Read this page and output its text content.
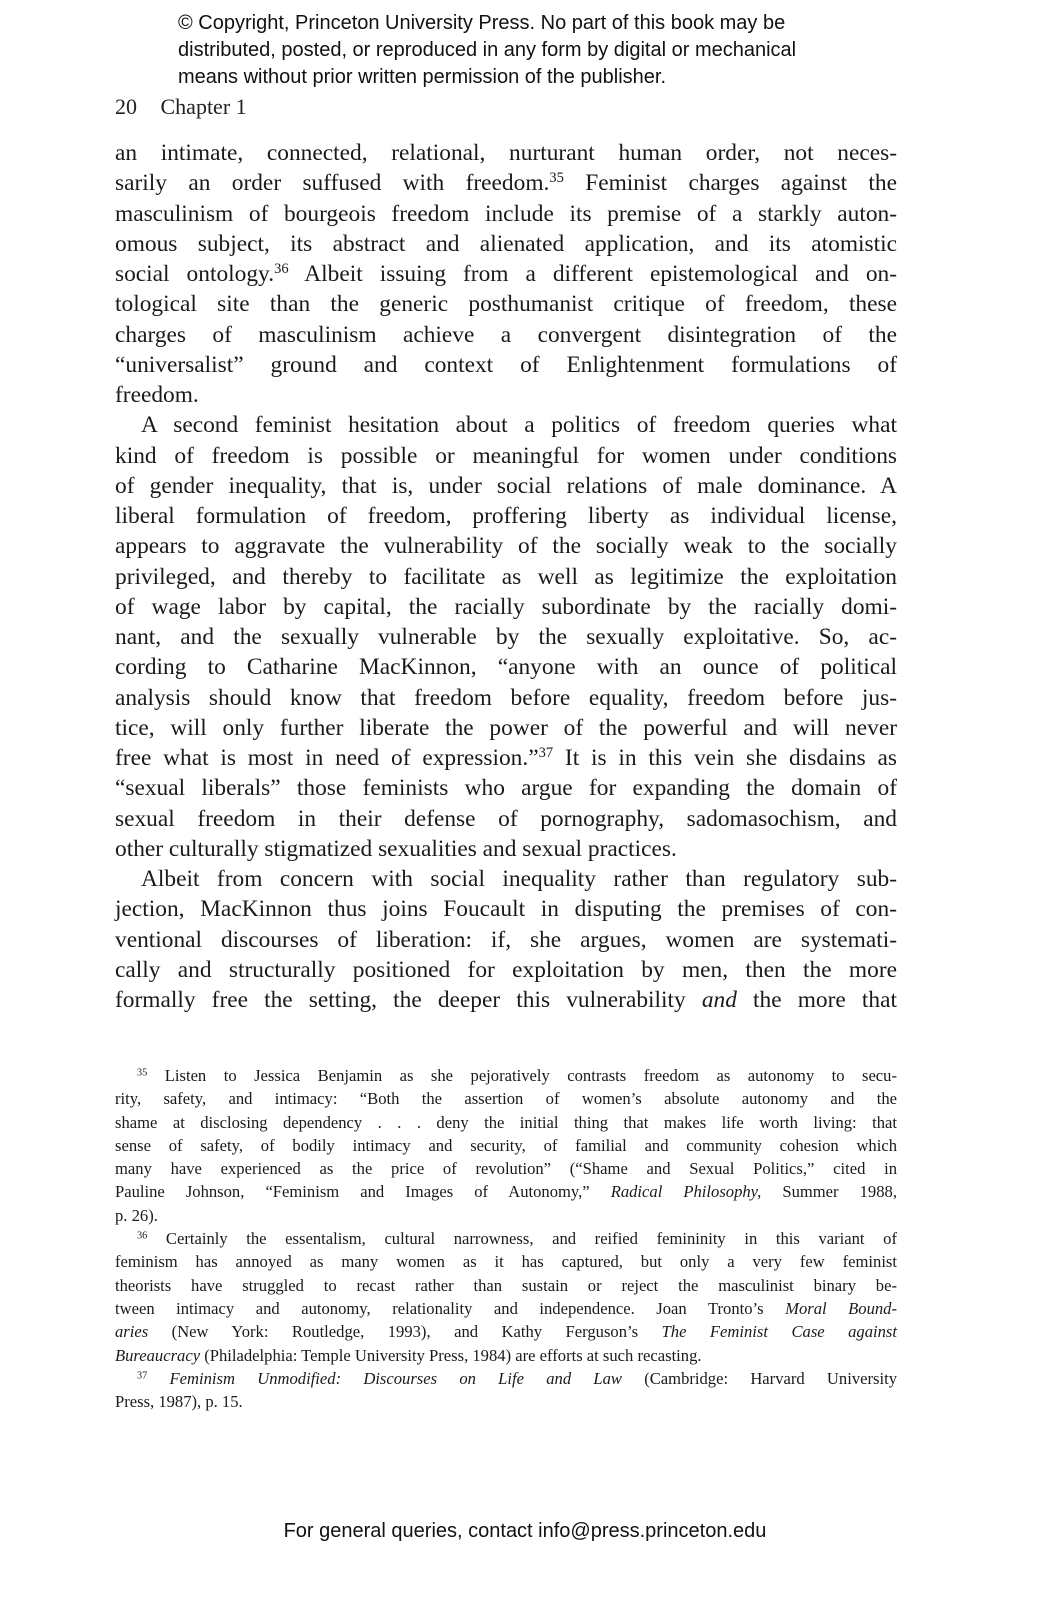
© Copyright, Princeton University Press. No part of this book may be
distributed, posted, or reproduced in any form by digital or mechanical
means without prior written permission of the publisher.
20 Chapter 1
an intimate, connected, relational, nurturant human order, not neces-
sarily an order suffused with freedom.$^{35}$ Feminist charges against the
masculinism of bourgeois freedom include its premise of a starkly auton-
omous subject, its abstract and alienated application, and its atomistic
social ontology.$^{36}$ Albeit issuing from a different epistemological and on-
tological site than the generic posthumanist critique of freedom, these
charges of masculinism achieve a convergent disintegration of the
“universalist” ground and context of Enlightenment formulations of
freedom.
A second feminist hesitation about a politics of freedom queries what
kind of freedom is possible or meaningful for women under conditions
of gender inequality, that is, under social relations of male dominance. A
liberal formulation of freedom, proffering liberty as individual license,
appears to aggravate the vulnerability of the socially weak to the socially
privileged, and thereby to facilitate as well as legitimize the exploitation
of wage labor by capital, the racially subordinate by the racially domi-
nant, and the sexually vulnerable by the sexually exploitative. So, ac-
cording to Catharine MacKinnon, “anyone with an ounce of political
analysis should know that freedom before equality, freedom before jus-
tice, will only further liberate the power of the powerful and will never
free what is most in need of expression.”$^{37}$ It is in this vein she disdains as
“sexual liberals” those feminists who argue for expanding the domain of
sexual freedom in their defense of pornography, sadomasochism, and
other culturally stigmatized sexualities and sexual practices.
Albeit from concern with social inequality rather than regulatory sub-
jection, MacKinnon thus joins Foucault in disputing the premises of con-
ventional discourses of liberation: if, she argues, women are systemati-
cally and structurally positioned for exploitation by men, then the more
formally free the setting, the deeper this vulnerability and the more that
$^{35}$ Listen to Jessica Benjamin as she pejoratively contrasts freedom as autonomy to secu-
rity, safety, and intimacy: “Both the assertion of women’s absolute autonomy and the
shame at disclosing dependency . . . deny the initial thing that makes life worth living: that
sense of safety, of bodily intimacy and security, of familial and community cohesion which
many have experienced as the price of revolution” (“Shame and Sexual Politics,” cited in
Pauline Johnson, “Feminism and Images of Autonomy,” Radical Philosophy, Summer 1988,
p. 26).
$^{36}$ Certainly the essentalism, cultural narrowness, and reified femininity in this variant of
feminism has annoyed as many women as it has captured, but only a very few feminist
theorists have struggled to recast rather than sustain or reject the masculinist binary be-
tween intimacy and autonomy, relationality and independence. Joan Tronto’s Moral Bound-
aries (New York: Routledge, 1993), and Kathy Ferguson’s The Feminist Case against
Bureaucracy (Philadelphia: Temple University Press, 1984) are efforts at such recasting.
$^{37}$ Feminism Unmodified: Discourses on Life and Law (Cambridge: Harvard University
Press, 1987), p. 15.
For general queries, contact info@press.princeton.edu
